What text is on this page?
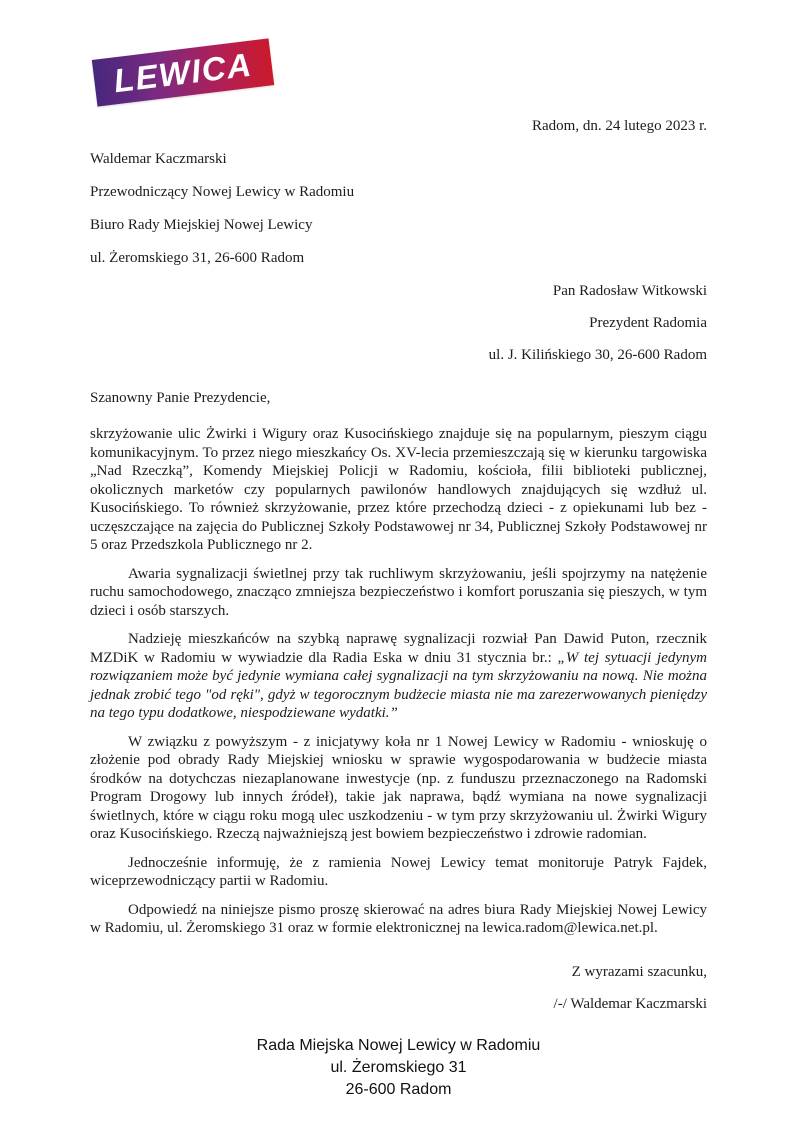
LEWICA

Radom, dn. 24 lutego 2023 r.

Waldemar Kaczmarski

Przewodniczący Nowej Lewicy w Radomiu

Biuro Rady Miejskiej Nowej Lewicy

ul. Żeromskiego 31, 26-600 Radom

Pan Radosław Witkowski

Prezydent Radomia

ul. J. Kilińskiego 30, 26-600 Radom

Szanowny Panie Prezydencie,

skrzyżowanie ulic Żwirki i Wigury oraz Kusocińskiego znajduje się na popularnym, pieszym ciągu komunikacyjnym. To przez niego mieszkańcy Os. XV-lecia przemieszczają się w kierunku targowiska „Nad Rzeczką”, Komendy Miejskiej Policji w Radomiu, kościoła, filii biblioteki publicznej, okolicznych marketów czy popularnych pawilonów handlowych znajdujących się wzdłuż ul. Kusocińskiego. To również skrzyżowanie, przez które przechodzą dzieci - z opiekunami lub bez - uczęszczające na zajęcia do Publicznej Szkoły Podstawowej nr 34, Publicznej Szkoły Podstawowej nr 5 oraz Przedszkola Publicznego nr 2.

Awaria sygnalizacji świetlnej przy tak ruchliwym skrzyżowaniu, jeśli spojrzymy na natężenie ruchu samochodowego, znacząco zmniejsza bezpieczeństwo i komfort poruszania się pieszych, w tym dzieci i osób starszych.

Nadzieję mieszkańców na szybką naprawę sygnalizacji rozwiał Pan Dawid Puton, rzecznik MZDiK w Radomiu w wywiadzie dla Radia Eska w dniu 31 stycznia br.: „W tej sytuacji jedynym rozwiązaniem może być jedynie wymiana całej sygnalizacji na tym skrzyżowaniu na nową. Nie można jednak zrobić tego "od ręki", gdyż w tegorocznym budżecie miasta nie ma zarezerwowanych pieniędzy na tego typu dodatkowe, niespodziewane wydatki.”

W związku z powyższym - z inicjatywy koła nr 1 Nowej Lewicy w Radomiu - wnioskuję o złożenie pod obrady Rady Miejskiej wniosku w sprawie wygospodarowania w budżecie miasta środków na dotychczas niezaplanowane inwestycje (np. z funduszu przeznaczonego na Radomski Program Drogowy lub innych źródeł), takie jak naprawa, bądź wymiana na nowe sygnalizacji świetlnych, które w ciągu roku mogą ulec uszkodzeniu - w tym przy skrzyżowaniu ul. Żwirki Wigury oraz Kusocińskiego. Rzeczą najważniejszą jest bowiem bezpieczeństwo i zdrowie radomian.

Jednocześnie informuję, że z ramienia Nowej Lewicy temat monitoruje Patryk Fajdek, wiceprzewodniczący partii w Radomiu.

Odpowiedź na niniejsze pismo proszę skierować na adres biura Rady Miejskiej Nowej Lewicy w Radomiu, ul. Żeromskiego 31 oraz w formie elektronicznej na lewica.radom@lewica.net.pl.

Z wyrazami szacunku,

/-/ Waldemar Kaczmarski

Rada Miejska Nowej Lewicy w Radomiu

ul. Żeromskiego 31

26-600 Radom
